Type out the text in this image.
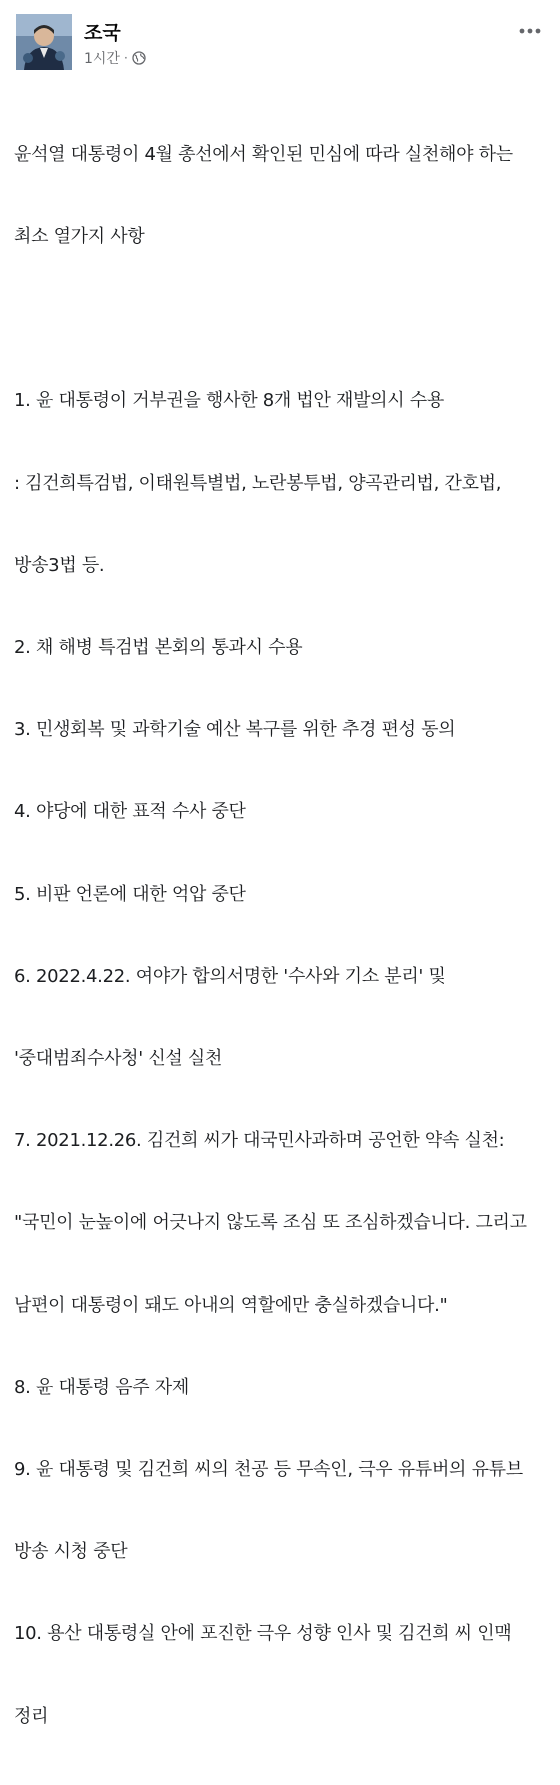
조국
1시간 ·

윤석열 대통령이 4월 총선에서 확인된 민심에 따라 실천해야 하는

최소 열가지 사항

1. 윤 대통령이 거부권을 행사한 8개 법안 재발의시 수용

: 김건희특검법, 이태원특별법, 노란봉투법, 양곡관리법, 간호법,

방송3법 등.

2. 채 해병 특검법 본회의 통과시 수용

3. 민생회복 및 과학기술 예산 복구를 위한 추경 편성 동의

4. 야당에 대한 표적 수사 중단

5. 비판 언론에 대한 억압 중단

6. 2022.4.22. 여야가 합의서명한 '수사와 기소 분리' 및

'중대범죄수사청' 신설 실천

7. 2021.12.26. 김건희 씨가 대국민사과하며 공언한 약속 실천:

"국민이 눈높이에 어긋나지 않도록 조심 또 조심하겠습니다. 그리고

남편이 대통령이 돼도 아내의 역할에만 충실하겠습니다."

8. 윤 대통령 음주 자제

9. 윤 대통령 및 김건희 씨의 천공 등 무속인, 극우 유튜버의 유튜브

방송 시청 중단

10. 용산 대통령실 안에 포진한 극우 성향 인사 및 김건희 씨 인맥

정리
